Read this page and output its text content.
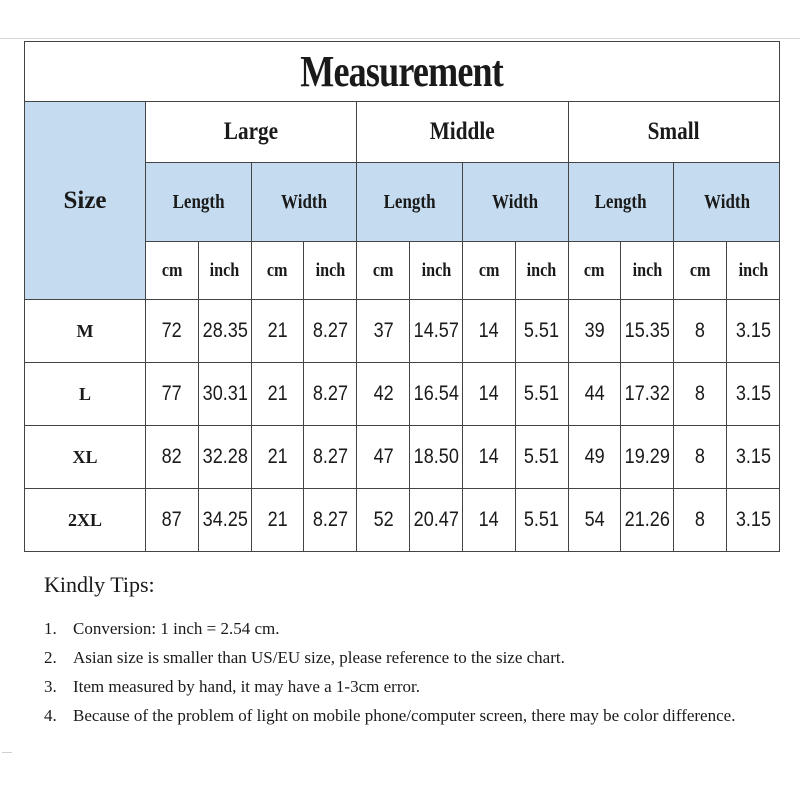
Measurement												
Size	Large				Middle				Small			
	Length		Width		Length		Width		Length		Width	
	cm	inch	cm	inch	cm	inch	cm	inch	cm	inch	cm	inch
M	72	28.35	21	8.27	37	14.57	14	5.51	39	15.35	8	3.15
L	77	30.31	21	8.27	42	16.54	14	5.51	44	17.32	8	3.15
XL	82	32.28	21	8.27	47	18.50	14	5.51	49	19.29	8	3.15
2XL	87	34.25	21	8.27	52	20.47	14	5.51	54	21.26	8	3.15

Kindly Tips:

1. Conversion: 1 inch = 2.54 cm.
2. Asian size is smaller than US/EU size, please reference to the size chart.
3. Item measured by hand, it may have a 1-3cm error.
4. Because of the problem of light on mobile phone/computer screen, there may be color difference.
